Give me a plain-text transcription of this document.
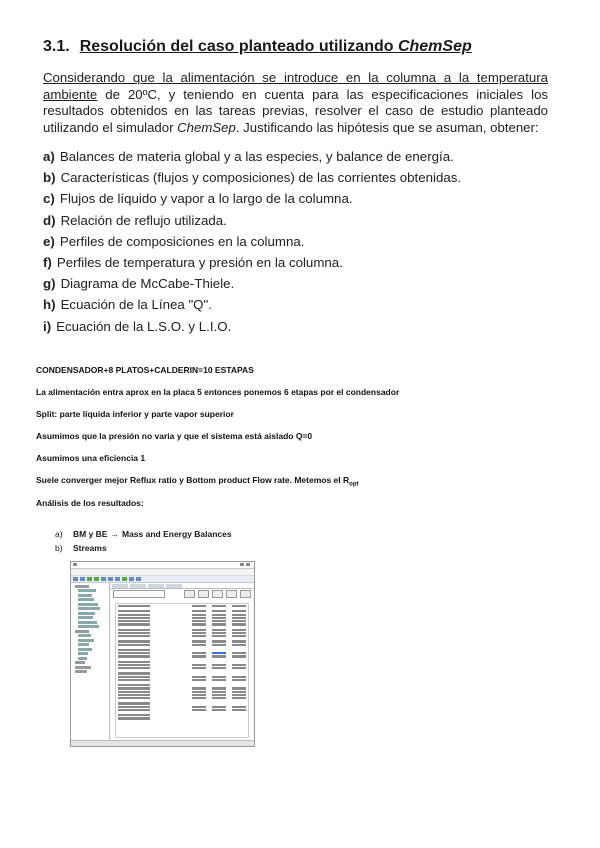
3.1. Resolución del caso planteado utilizando ChemSep
Considerando que la alimentación se introduce en la columna a la temperatura ambiente de 20ºC, y teniendo en cuenta para las especificaciones iniciales los resultados obtenidos en las tareas previas, resolver el caso de estudio planteado utilizando el simulador ChemSep. Justificando las hipótesis que se asuman, obtener:
a) Balances de materia global y a las especies, y balance de energía.
b) Características (flujos y composiciones) de las corrientes obtenidas.
c) Flujos de líquido y vapor a lo largo de la columna.
d) Relación de reflujo utilizada.
e) Perfiles de composiciones en la columna.
f) Perfiles de temperatura y presión en la columna.
g) Diagrama de McCabe-Thiele.
h) Ecuación de la Línea "Q".
i) Ecuación de la L.S.O. y L.I.O.
CONDENSADOR+8 PLATOS+CALDERIN=10 ESTAPAS
La alimentación entra aprox en la placa 5 entonces ponemos 6 etapas por el condensador
Split: parte líquida inferior y parte vapor superior
Asumimos que la presión no varia y que el sistema está aislado Q=0
Asumimos una eficiencia 1
Suele converger mejor Reflux ratio y Bottom product Flow rate. Metemos el $R_{opt}$
Análisis de los resultados:
a) BM y BE → Mass and Energy Balances
b) Streams
